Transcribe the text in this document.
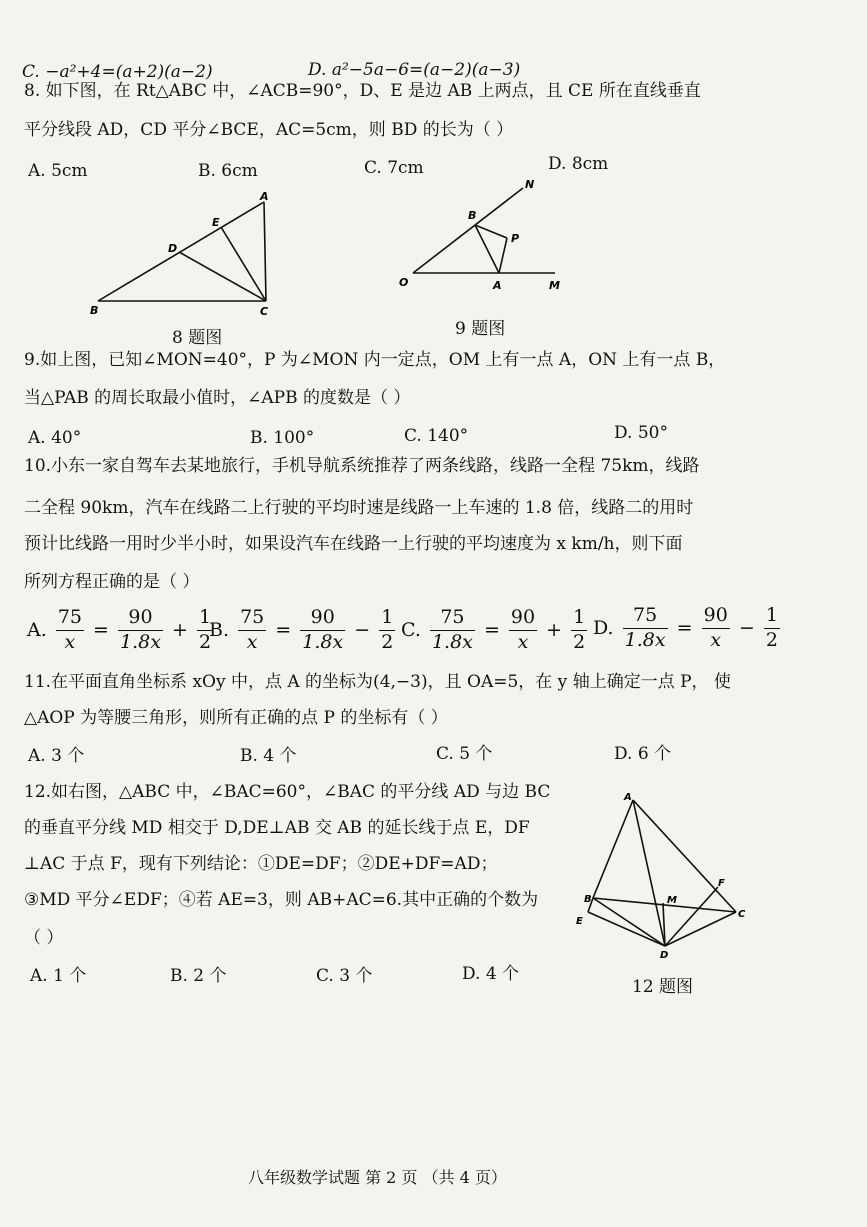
C. −a²+4=(a+2)(a−2)	D. a²−5a−6=(a−2)(a−3)
8. 如下图，在 Rt△ABC 中，∠ACB=90°，D、E 是边 AB 上两点，且 CE 所在直线垂直
平分线段 AD，CD 平分∠BCE，AC=5cm，则 BD 的长为（ ）
A. 5cm	B. 6cm	C. 7cm	D. 8cm
A
B	C
D
E
8 题图
O	A
B
P
M
N
9 题图
9.如上图，已知∠MON=40°，P 为∠MON 内一定点，OM 上有一点 A，ON 上有一点 B，
当△PAB 的周长取最小值时，∠APB 的度数是（ ）
A. 40°	B. 100°	C. 140°	D. 50°
10.小东一家自驾车去某地旅行，手机导航系统推荐了两条线路，线路一全程 75km，线路
二全程 90km，汽车在线路二上行驶的平均时速是线路一上车速的 1.8 倍，线路二的用时
预计比线路一用时少半小时，如果设汽车在线路一上行驶的平均速度为 x km/h，则下面
所列方程正确的是（ ）
A. $\frac{75}{x} = \frac{90}{1.8x} + \frac{1}{2}$
B. $\frac{75}{x} = \frac{90}{1.8x} - \frac{1}{2} C$. $\frac{75}{1.8x} = \frac{90}{x} + \frac{1}{2} D$. $\frac{75}{1.8x} = \frac{90}{x} - \frac{1}{2}$
11.在平面直角坐标系 xOy 中，点 A 的坐标为(4,−3)，且 OA=5，在 y 轴上确定一点 P， 使
△AOP 为等腰三角形，则所有正确的点 P 的坐标有（ ）
A. 3 个	B. 4 个	C. 5 个	D. 6 个
12.如右图，△ABC 中，∠BAC=60°，∠BAC 的平分线 AD 与边 BC
的垂直平分线 MD 相交于 D,DE⊥AB 交 AB 的延长线于点 E，DF
⊥AC 于点 F，现有下列结论：①DE=DF；②DE+DF=AD；
③MD 平分∠EDF；④若 AE=3，则 AB+AC=6.其中正确的个数为
（ ）
A. 1 个	B. 2 个	C. 3 个	D. 4 个
A
B
C
D
E
F
M
12 题图
八年级数学试题 第 2 页 （共 4 页）
